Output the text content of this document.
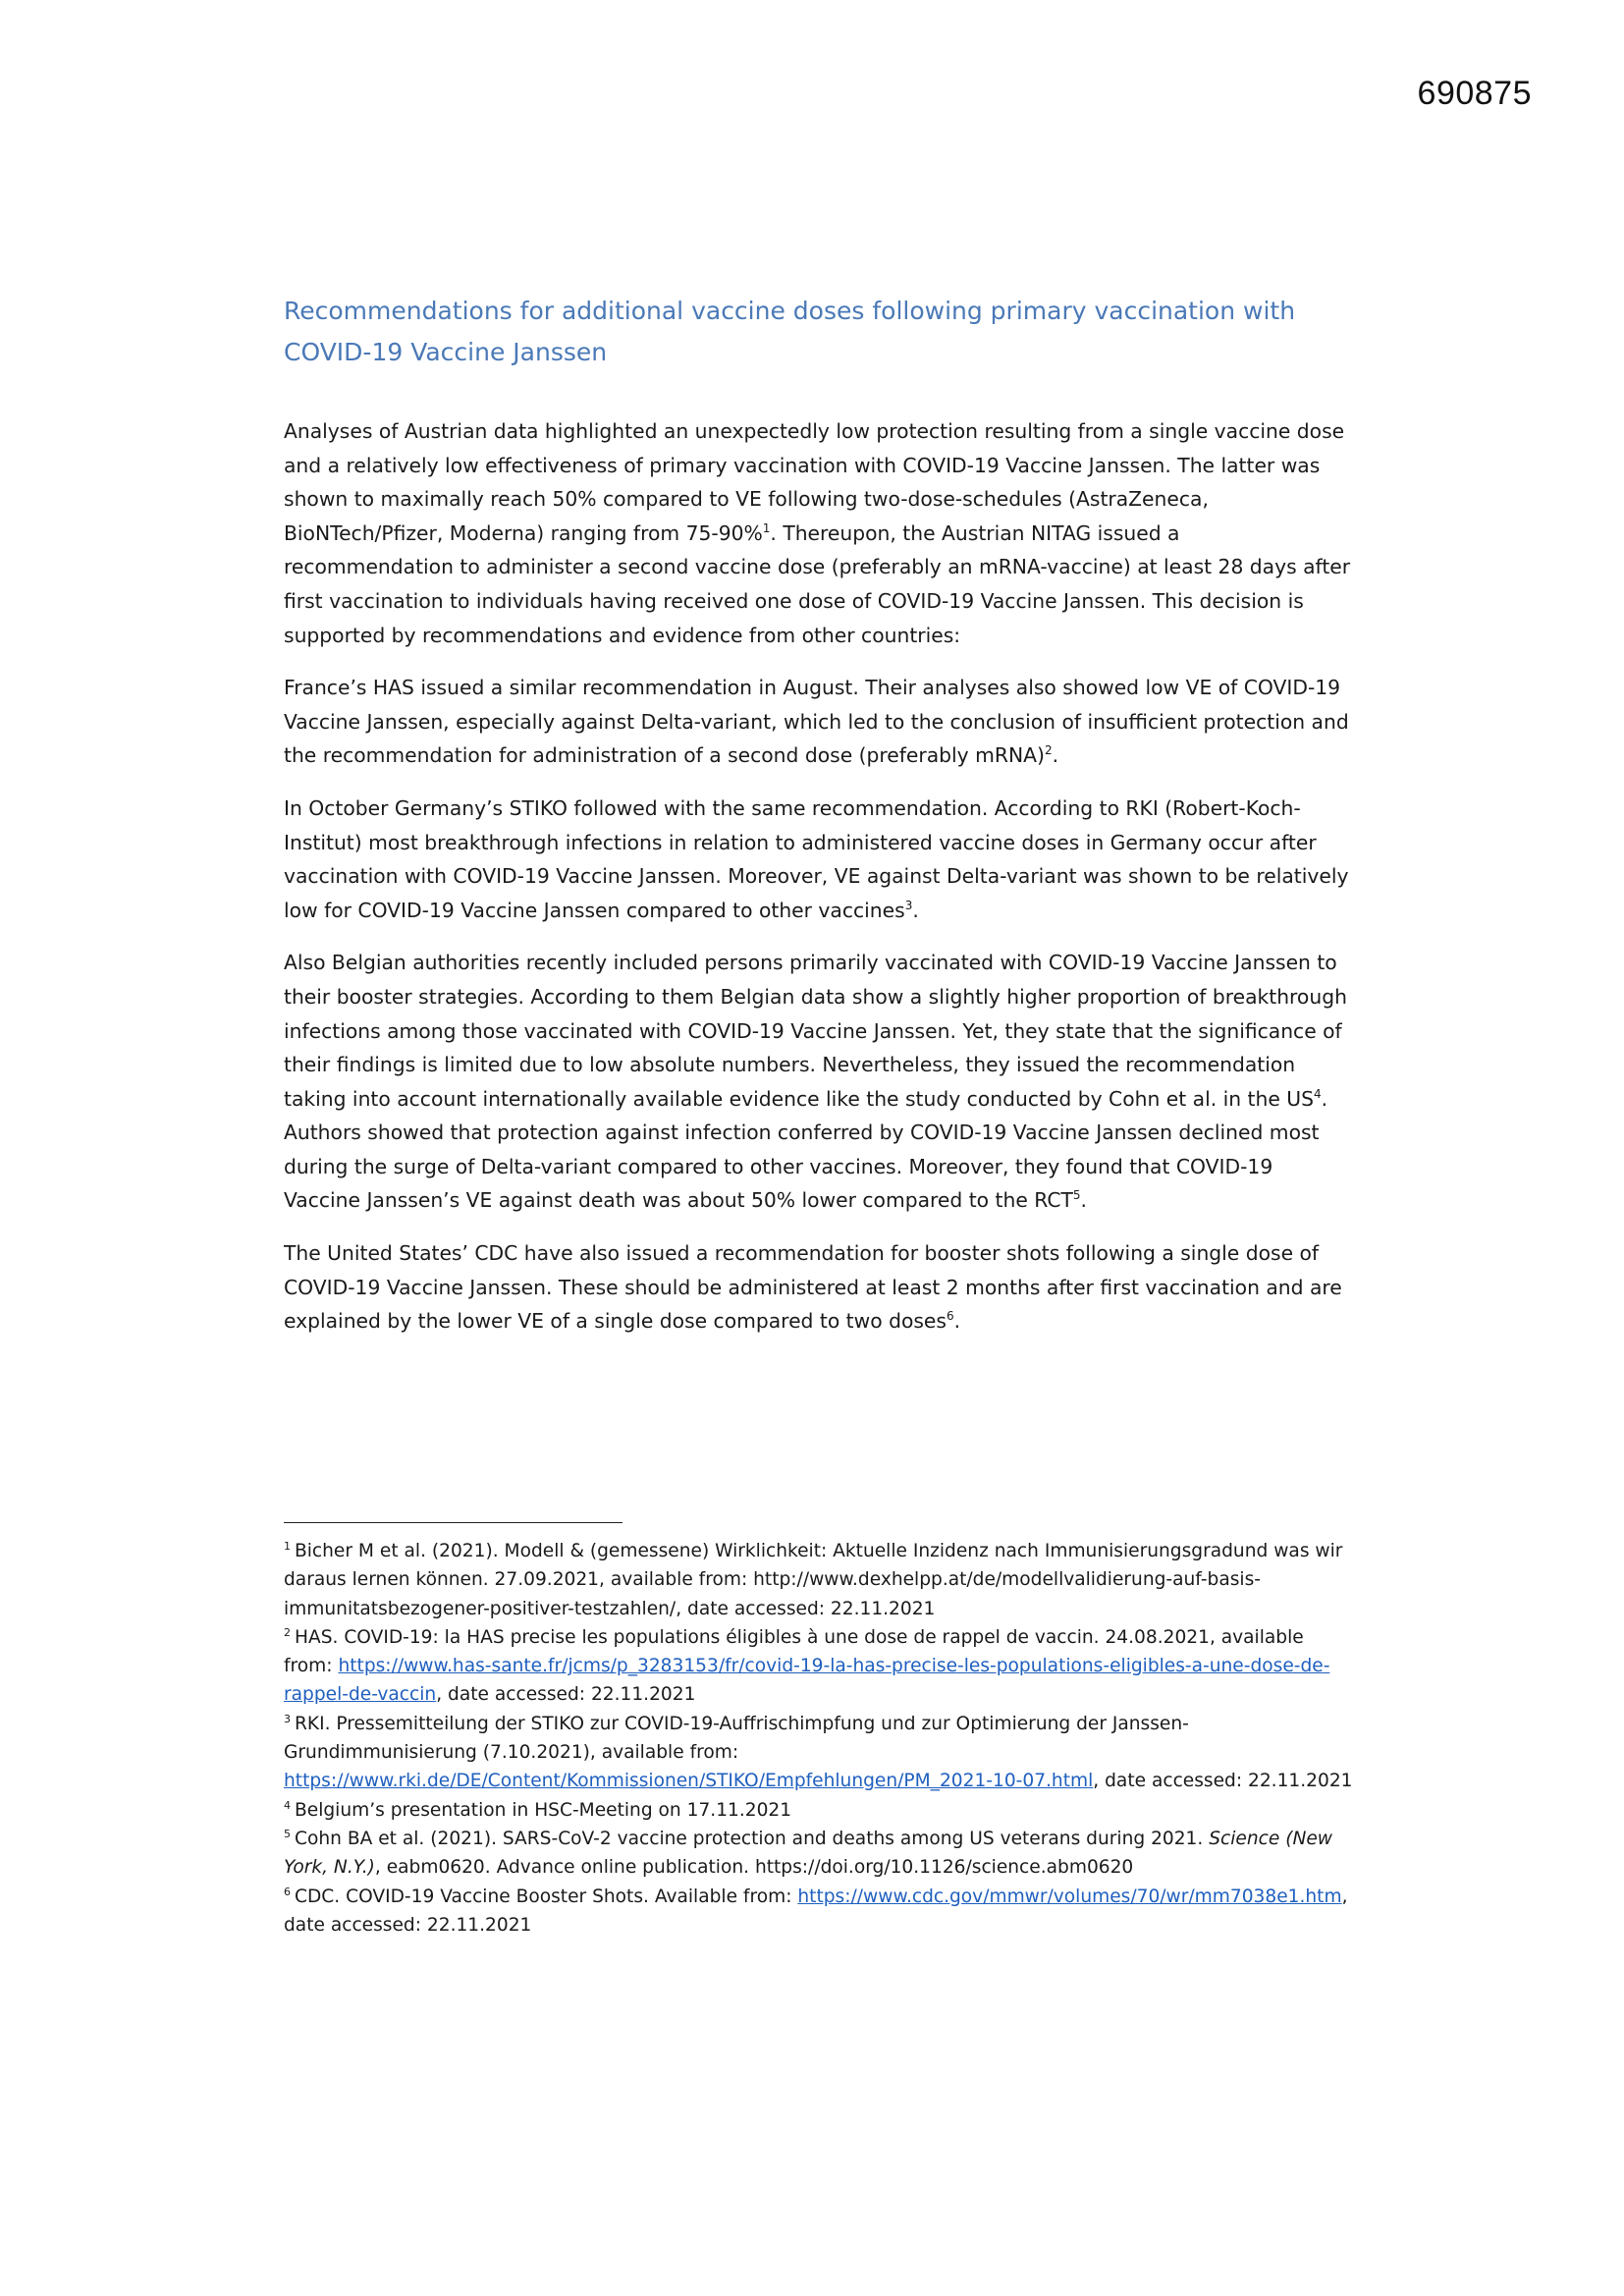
690875

Recommendations for additional vaccine doses following primary vaccination with COVID-19 Vaccine Janssen

Analyses of Austrian data highlighted an unexpectedly low protection resulting from a single vaccine dose and a relatively low effectiveness of primary vaccination with COVID-19 Vaccine Janssen. The latter was shown to maximally reach 50% compared to VE following two-dose-schedules (AstraZeneca, BioNTech/Pfizer, Moderna) ranging from 75-90%$^1$. Thereupon, the Austrian NITAG issued a recommendation to administer a second vaccine dose (preferably an mRNA-vaccine) at least 28 days after first vaccination to individuals having received one dose of COVID-19 Vaccine Janssen. This decision is supported by recommendations and evidence from other countries:

France’s HAS issued a similar recommendation in August. Their analyses also showed low VE of COVID-19 Vaccine Janssen, especially against Delta-variant, which led to the conclusion of insufficient protection and the recommendation for administration of a second dose (preferably mRNA)$^2$.

In October Germany’s STIKO followed with the same recommendation. According to RKI (Robert-Koch-Institut) most breakthrough infections in relation to administered vaccine doses in Germany occur after vaccination with COVID-19 Vaccine Janssen. Moreover, VE against Delta-variant was shown to be relatively low for COVID-19 Vaccine Janssen compared to other vaccines$^3$.

Also Belgian authorities recently included persons primarily vaccinated with COVID-19 Vaccine Janssen to their booster strategies. According to them Belgian data show a slightly higher proportion of breakthrough infections among those vaccinated with COVID-19 Vaccine Janssen. Yet, they state that the significance of their findings is limited due to low absolute numbers. Nevertheless, they issued the recommendation taking into account internationally available evidence like the study conducted by Cohn et al. in the $US^4$. Authors showed that protection against infection conferred by COVID-19 Vaccine Janssen declined most during the surge of Delta-variant compared to other vaccines. Moreover, they found that COVID-19 Vaccine Janssen’s VE against death was about 50% lower compared to the RCT$^5$.

The United States’ CDC have also issued a recommendation for booster shots following a single dose of COVID-19 Vaccine Janssen. These should be administered at least 2 months after first vaccination and are explained by the lower VE of a single dose compared to two doses$^6$.

$^1$ Bicher M et al. (2021). Modell & (gemessene) Wirklichkeit: Aktuelle Inzidenz nach Immunisierungsgradund was wir daraus lernen können. 27.09.2021, available from: http://www.dexhelpp.at/de/modellvalidierung-auf-basis-immunitatsbezogener-positiver-testzahlen/, date accessed: 22.11.2021

$^2$ HAS. COVID-19: la HAS precise les populations éligibles à une dose de rappel de vaccin. 24.08.2021, available from: https://www.has-sante.fr/jcms/p_3283153/fr/covid-19-la-has-precise-les-populations-eligibles-a-une-dose-de-rappel-de-vaccin, date accessed: 22.11.2021

$^3$ RKI. Pressemitteilung der STIKO zur COVID-19-Auffrischimpfung und zur Optimierung der Janssen-Grundimmunisierung (7.10.2021), available from: https://www.rki.de/DE/Content/Kommissionen/STIKO/Empfehlungen/PM_2021-10-07.html, date accessed: 22.11.2021

$^4$ Belgium’s presentation in HSC-Meeting on 17.11.2021

$^5$ Cohn BA et al. (2021). SARS-CoV-2 vaccine protection and deaths among US veterans during 2021. Science (New York, N.Y.), eabm0620. Advance online publication. https://doi.org/10.1126/science.abm0620

$^6$ CDC. COVID-19 Vaccine Booster Shots. Available from: https://www.cdc.gov/mmwr/volumes/70/wr/mm7038e1.htm, date accessed: 22.11.2021
